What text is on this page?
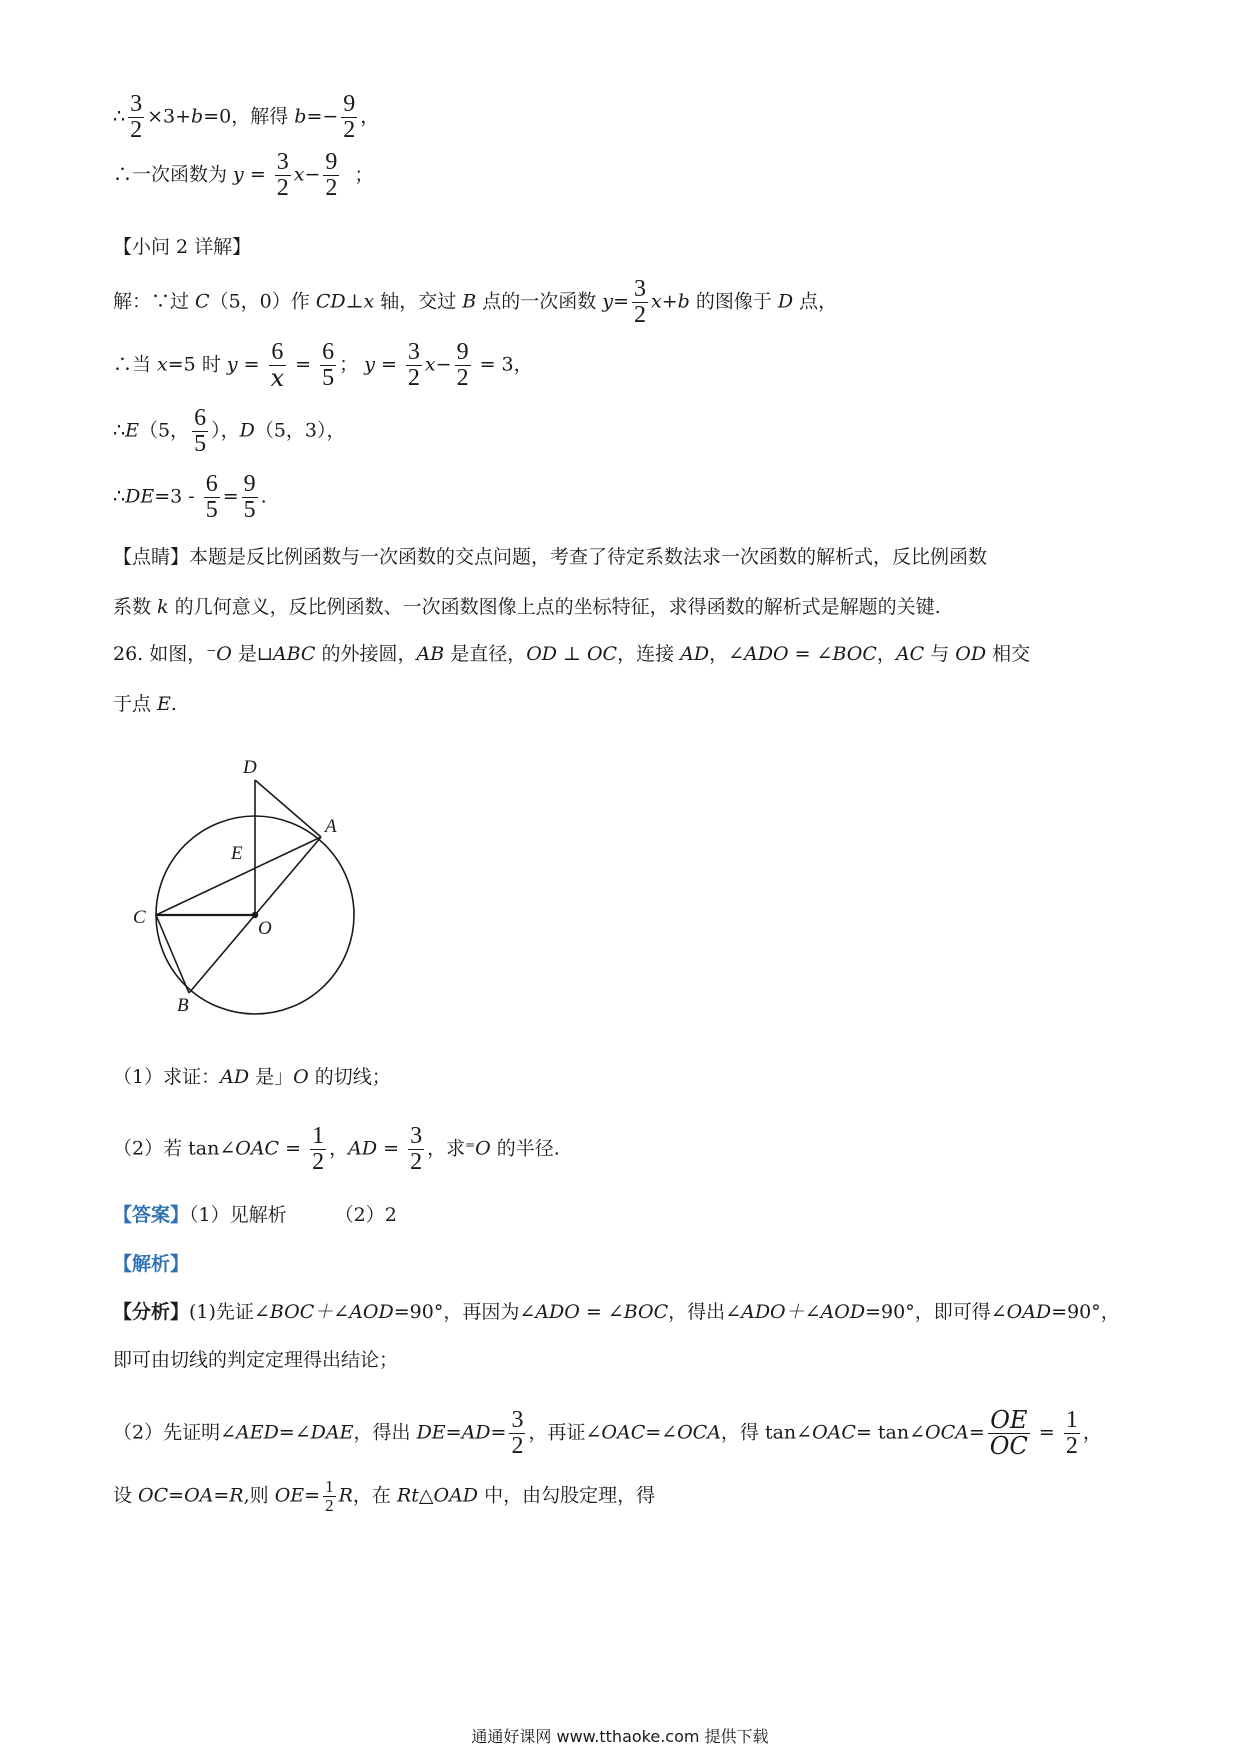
∴ $\frac{3}{2} \times 3+b=0$，解得 $b=- \frac{9}{2}$ ，
∴一次函数为 $y = \frac{3}{2} x- \frac{9}{2}$ ；
【小问 2 详解】
解：∵过 C（5，0）作 CD⊥x 轴，交过 B 点的一次函数 $y= \frac{3}{2} x+b$ 的图像于 D 点，
∴当 x=5 时 $y = \frac{6}{x} = \frac{6}{5}$ ； $y = \frac{3}{2} x- \frac{9}{2} = 3$，
∴E（5， $\frac{6}{5}$ ），D（5，3），
∴DE=3 - $\frac{6}{5} = \frac{9}{5}$ .
【点睛】本题是反比例函数与一次函数的交点问题，考查了待定系数法求一次函数的解析式，反比例函数
系数 k 的几何意义，反比例函数、一次函数图像上点的坐标特征，求得函数的解析式是解题的关键.
26. 如图，⁻O 是⊔ABC 的外接圆，AB 是直径，OD ⊥ OC，连接 AD，∠ADO = ∠BOC，AC 与 OD 相交
于点 E.
D
A
E
C
O
B
（1）求证：AD 是」O 的切线；
（2）若 tan∠OAC = $\frac{1}{2}$ ，AD = $\frac{3}{2}$ ，求⁼O 的半径.
【答案】（1）见解析	（2）2
【解析】
【分析】(1)先证∠BOC＋∠AOD=90°，再因为∠ADO = ∠BOC，得出∠ADO＋∠AOD=90°，即可得∠OAD=90°，
即可由切线的判定定理得出结论；
（2）先证明∠AED=∠DAE，得出 $DE=AD= \frac{3}{2}$ ，再证∠OAC=∠OCA，得 tan∠OAC= tan∠OCA= $\frac{OE}{OC} = \frac{1}{2}$ ，
设 OC=OA=R,则 $OE= \frac{1}{2}$ R，在 Rt△OAD 中，由勾股定理，得
通通好课网 www.tthaoke.com 提供下载
